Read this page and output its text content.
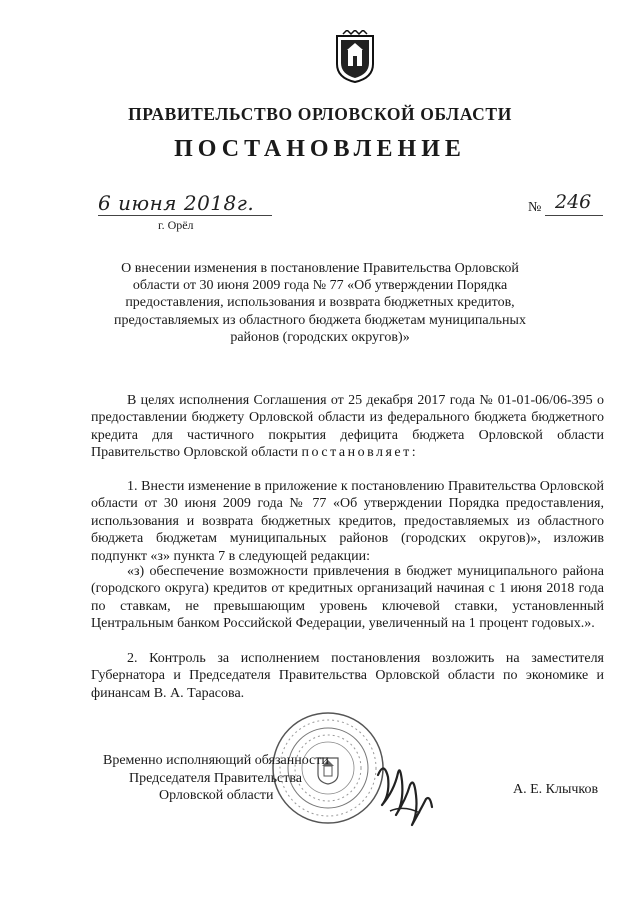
ПРАВИТЕЛЬСТВО ОРЛОВСКОЙ ОБЛАСТИ
ПОСТАНОВЛЕНИЕ
6 июня 2018г.
г. Орёл
№ 246
О внесении изменения в постановление Правительства Орловской области от 30 июня 2009 года № 77 «Об утверждении Порядка предоставления, использования и возврата бюджетных кредитов, предоставляемых из областного бюджета бюджетам муниципальных районов (городских округов)»
В целях исполнения Соглашения от 25 декабря 2017 года № 01-01-06/06-395 о предоставлении бюджету Орловской области из федерального бюджета бюджетного кредита для частичного покрытия дефицита бюджета Орловской области Правительство Орловской области постановляет:
1. Внести изменение в приложение к постановлению Правительства Орловской области от 30 июня 2009 года № 77 «Об утверждении Порядка предоставления, использования и возврата бюджетных кредитов, предоставляемых из областного бюджета бюджетам муниципальных районов (городских округов)», изложив подпункт «з» пункта 7 в следующей редакции:
«з) обеспечение возможности привлечения в бюджет муниципального района (городского округа) кредитов от кредитных организаций начиная с 1 июня 2018 года по ставкам, не превышающим уровень ключевой ставки, установленный Центральным банком Российской Федерации, увеличенный на 1 процент годовых.».
2. Контроль за исполнением постановления возложить на заместителя Губернатора и Председателя Правительства Орловской области по экономике и финансам В. А. Тарасова.
Временно исполняющий обязанности
Председателя Правительства
Орловской области	А. Е. Клычков
